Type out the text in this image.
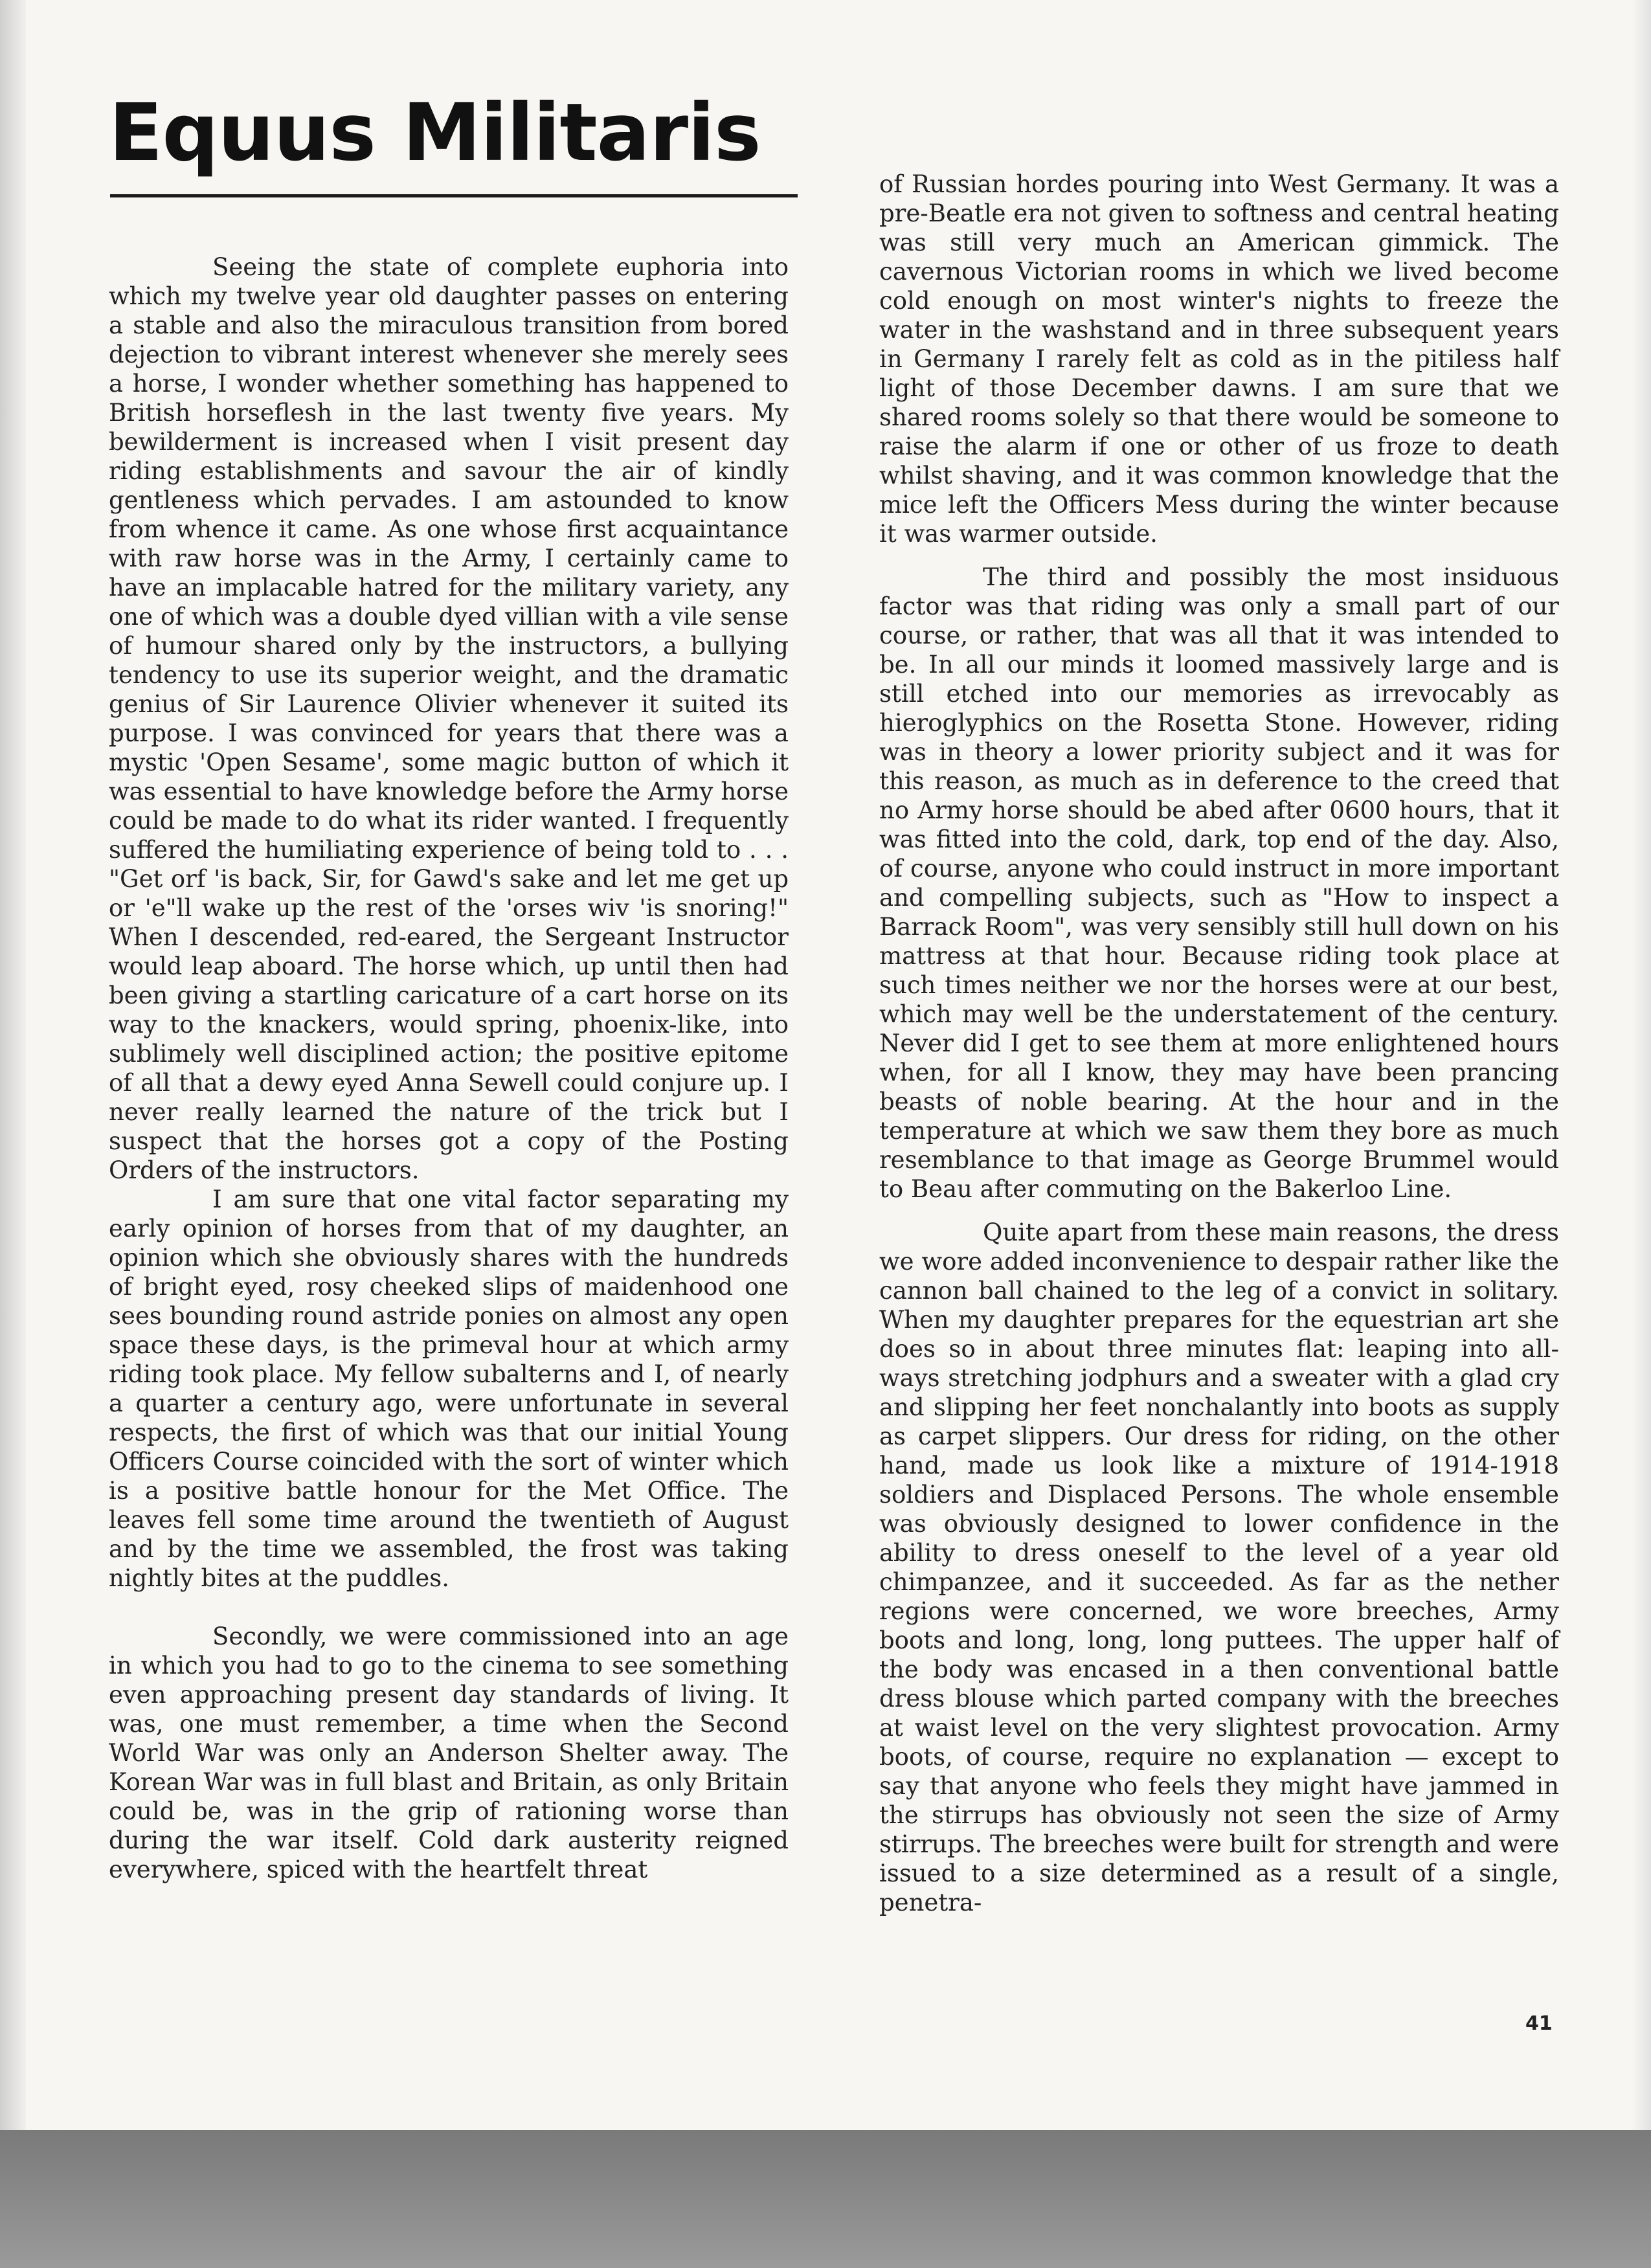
Equus Militaris

Seeing the state of complete euphoria into which my twelve year old daughter passes on entering a stable and also the miraculous transition from bored dejection to vibrant interest whenever she merely sees a horse, I wonder whether something has happened to British horseflesh in the last twenty five years. My bewilderment is increased when I visit present day riding establishments and savour the air of kindly gentleness which pervades. I am astounded to know from whence it came. As one whose first acquaintance with raw horse was in the Army, I certainly came to have an implacable hatred for the military variety, any one of which was a double dyed villian with a vile sense of humour shared only by the instructors, a bullying tendency to use its superior weight, and the dramatic genius of Sir Laurence Olivier whenever it suited its purpose. I was convinced for years that there was a mystic 'Open Sesame', some magic button of which it was essential to have knowledge before the Army horse could be made to do what its rider wanted. I frequently suffered the humiliating experience of being told to . . . "Get orf 'is back, Sir, for Gawd's sake and let me get up or 'e"ll wake up the rest of the 'orses wiv 'is snoring!" When I descended, red-eared, the Sergeant Instructor would leap aboard. The horse which, up until then had been giving a startling caricature of a cart horse on its way to the knackers, would spring, phoenix-like, into sublimely well disciplined action; the positive epitome of all that a dewy eyed Anna Sewell could conjure up. I never really learned the nature of the trick but I suspect that the horses got a copy of the Posting Orders of the instructors.

I am sure that one vital factor separating my early opinion of horses from that of my daughter, an opinion which she obviously shares with the hundreds of bright eyed, rosy cheeked slips of maidenhood one sees bounding round astride ponies on almost any open space these days, is the primeval hour at which army riding took place. My fellow subalterns and I, of nearly a quarter a century ago, were unfortunate in several respects, the first of which was that our initial Young Officers Course coincided with the sort of winter which is a positive battle honour for the Met Office. The leaves fell some time around the twentieth of August and by the time we assembled, the frost was taking nightly bites at the puddles.

Secondly, we were commissioned into an age in which you had to go to the cinema to see something even approaching present day standards of living. It was, one must remember, a time when the Second World War was only an Anderson Shelter away. The Korean War was in full blast and Britain, as only Britain could be, was in the grip of rationing worse than during the war itself. Cold dark austerity reigned everywhere, spiced with the heartfelt threat

of Russian hordes pouring into West Germany. It was a pre-Beatle era not given to softness and central heating was still very much an American gimmick. The cavernous Victorian rooms in which we lived become cold enough on most winter's nights to freeze the water in the washstand and in three subsequent years in Germany I rarely felt as cold as in the pitiless half light of those December dawns. I am sure that we shared rooms solely so that there would be someone to raise the alarm if one or other of us froze to death whilst shaving, and it was common knowledge that the mice left the Officers Mess during the winter because it was warmer outside.

The third and possibly the most insiduous factor was that riding was only a small part of our course, or rather, that was all that it was intended to be. In all our minds it loomed massively large and is still etched into our memories as irrevocably as hieroglyphics on the Rosetta Stone. However, riding was in theory a lower priority subject and it was for this reason, as much as in deference to the creed that no Army horse should be abed after 0600 hours, that it was fitted into the cold, dark, top end of the day. Also, of course, anyone who could instruct in more important and compelling subjects, such as "How to inspect a Barrack Room", was very sensibly still hull down on his mattress at that hour. Because riding took place at such times neither we nor the horses were at our best, which may well be the understatement of the century. Never did I get to see them at more enlightened hours when, for all I know, they may have been prancing beasts of noble bearing. At the hour and in the temperature at which we saw them they bore as much resemblance to that image as George Brummel would to Beau after commuting on the Bakerloo Line.

Quite apart from these main reasons, the dress we wore added inconvenience to despair rather like the cannon ball chained to the leg of a convict in solitary. When my daughter prepares for the equestrian art she does so in about three minutes flat: leaping into all-ways stretching jodphurs and a sweater with a glad cry and slipping her feet nonchalantly into boots as supply as carpet slippers. Our dress for riding, on the other hand, made us look like a mixture of 1914-1918 soldiers and Displaced Persons. The whole ensemble was obviously designed to lower confidence in the ability to dress oneself to the level of a year old chimpanzee, and it succeeded. As far as the nether regions were concerned, we wore breeches, Army boots and long, long, long puttees. The upper half of the body was encased in a then conventional battle dress blouse which parted company with the breeches at waist level on the very slightest provocation. Army boots, of course, require no explanation — except to say that anyone who feels they might have jammed in the stirrups has obviously not seen the size of Army stirrups. The breeches were built for strength and were issued to a size determined as a result of a single, penetra-

41
